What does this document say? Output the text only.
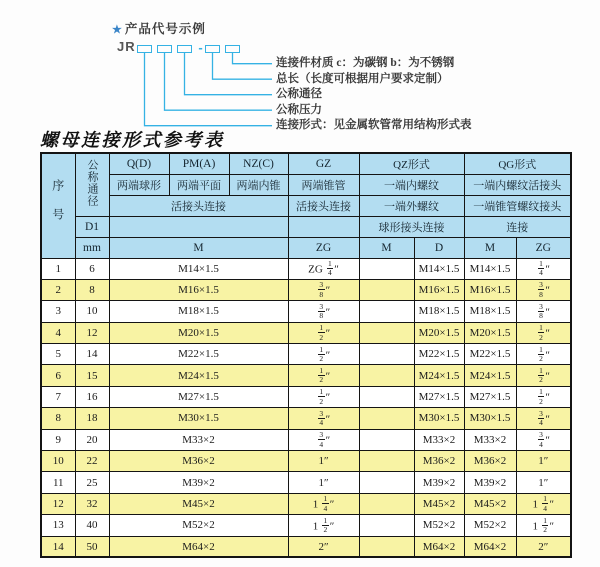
★ 产品代号示例
JR	-
连接件材质 c：为碳钢 b：为不锈钢
总长（长度可根据用户要求定制）
公称通径
公称压力
连接形式：见金属软管常用结构形式表
螺母连接形式参考表
序号	公称通径	Q(D)	PM(A)	NZ(C)	GZ	QZ形式		QG形式	
		两端球形	两端平面	两端内锥	两端锥管	一端内螺纹		一端内螺纹活接头	
		活接头连接			活接头连接	一端外螺纹		一端锥管螺纹接头	
	D1					球形接头连接		连接	
	mm	M			ZG	M	D	M	ZG
1	6	M14×1.5			ZG $\frac{1}{4}$ ″		M14×1.5	M14×1.5	$\frac{1}{4}$ ″
2	8	M16×1.5			$\frac{3}{8}$ ″		M16×1.5	M16×1.5	$\frac{3}{8}$ ″
3	10	M18×1.5			$\frac{3}{8}$ ″		M18×1.5	M18×1.5	$\frac{3}{8}$ ″
4	12	M20×1.5			$\frac{1}{2}$ ″		M20×1.5	M20×1.5	$\frac{1}{2}$ ″
5	14	M22×1.5			$\frac{1}{2}$ ″		M22×1.5	M22×1.5	$\frac{1}{2}$ ″
6	15	M24×1.5			$\frac{1}{2}$ ″		M24×1.5	M24×1.5	$\frac{1}{2}$ ″
7	16	M27×1.5			$\frac{1}{2}$ ″		M27×1.5	M27×1.5	$\frac{1}{2}$ ″
8	18	M30×1.5			$\frac{3}{4}$ ″		M30×1.5	M30×1.5	$\frac{3}{4}$ ″
9	20	M33×2			$\frac{3}{4}$ ″		M33×2	M33×2	$\frac{3}{4}$ ″
10	22	M36×2			1″		M36×2	M36×2	1″
11	25	M39×2			1″		M39×2	M39×2	1″
12	32	M45×2			$1 \frac{1}{4}$ ″		M45×2	M45×2	$1 \frac{1}{4}$ ″
13	40	M52×2			$1 \frac{1}{2}$ ″		M52×2	M52×2	$1 \frac{1}{2}$ ″
14	50	M64×2			2″		M64×2	M64×2	2″
